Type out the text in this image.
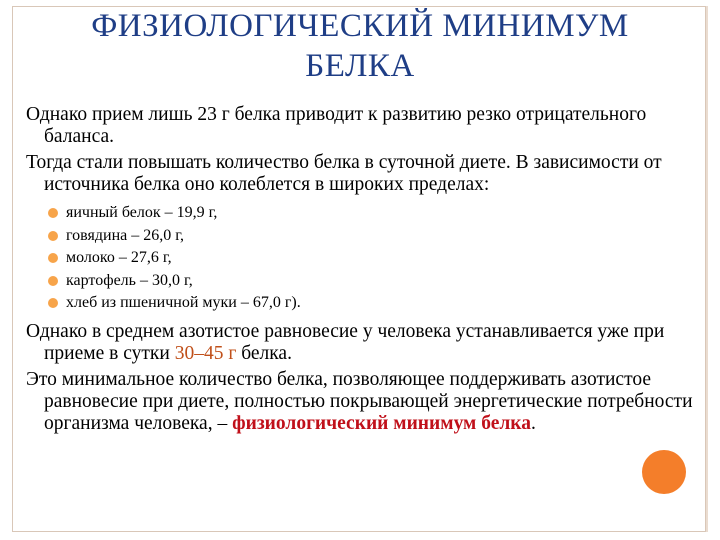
ФИЗИОЛОГИЧЕСКИЙ МИНИМУМ
БЕЛКА

Однако прием лишь 23 г белка приводит к развитию резко отрицательного баланса.

Тогда стали повышать количество белка в суточной диете. В зависимости от источника белка оно колеблется в широких пределах:

яичный белок – 19,9 г,
говядина – 26,0 г,
молоко – 27,6 г,
картофель – 30,0 г,
хлеб из пшеничной муки – 67,0 г).

Однако в среднем азотистое равновесие у человека устанавливается уже при приеме в сутки 30–45 г белка.

Это минимальное количество белка, позволяющее поддерживать азотистое равновесие при диете, полностью покрывающей энергетические потребности организма человека, – физиологический минимум белка.
